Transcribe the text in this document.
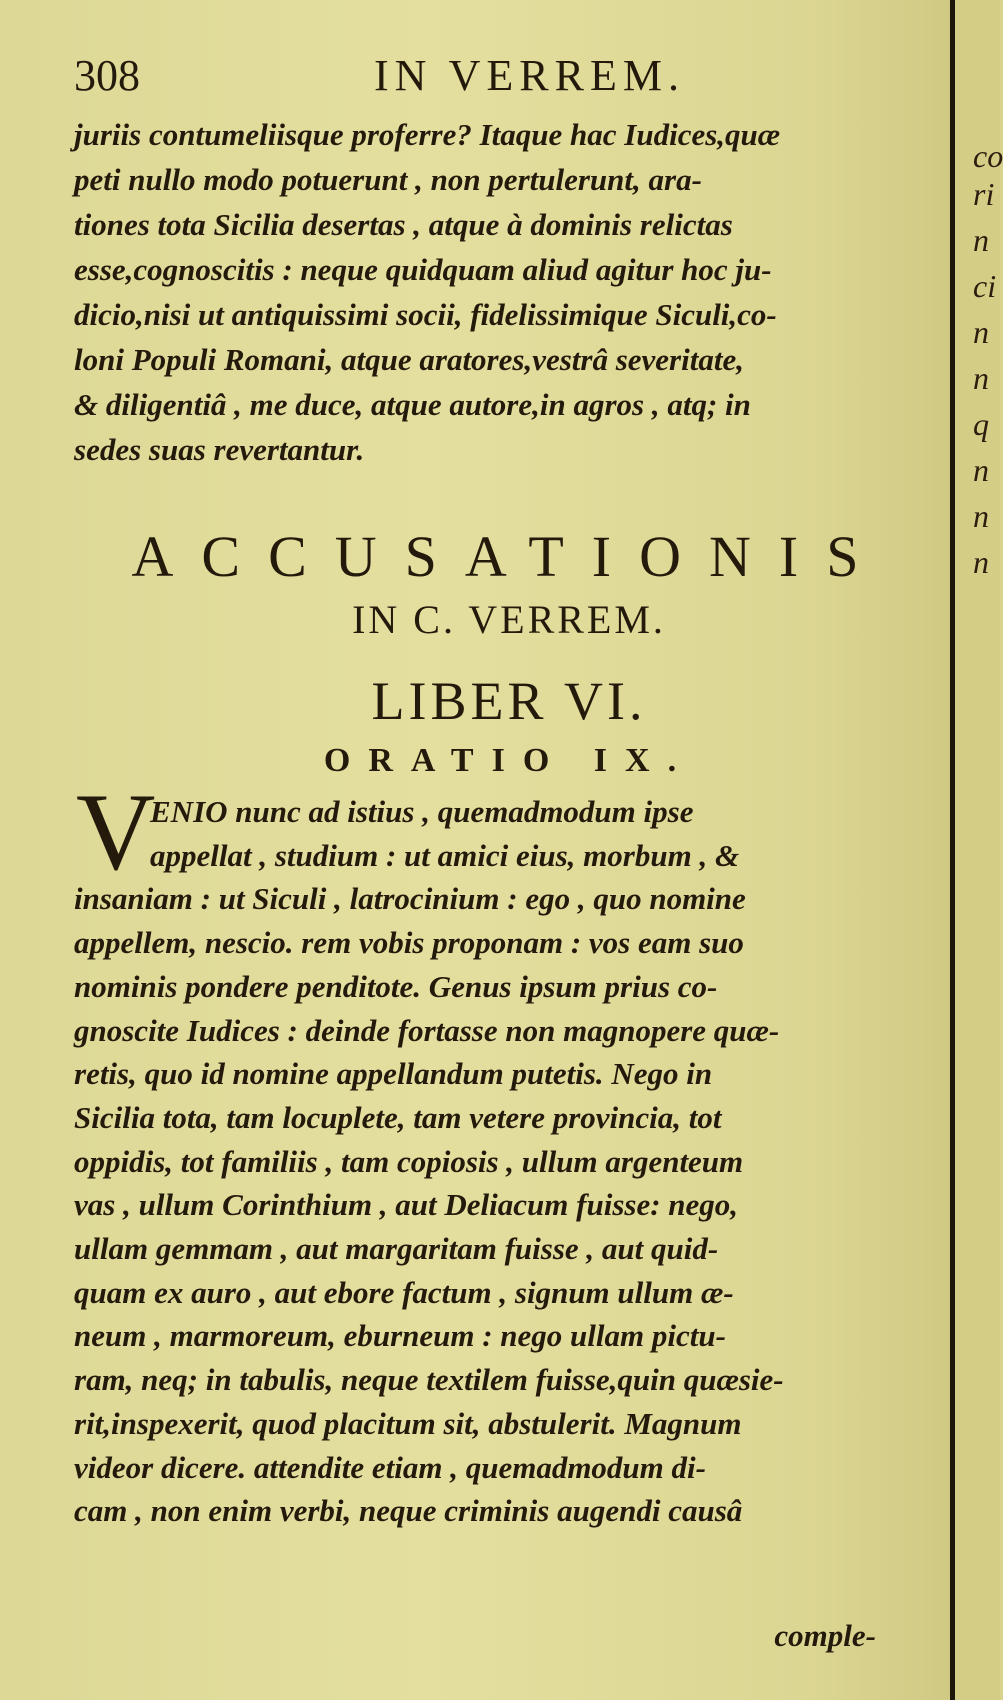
308	IN VERREM.
juriis contumeliisque proferre? Itaque hac Iudices,quæ
peti nullo modo potuerunt , non pertulerunt, ara-
tiones tota Sicilia desertas , atque à dominis relictas
esse,cognoscitis : neque quidquam aliud agitur hoc ju-
dicio,nisi ut antiquissimi socii, fidelissimique Siculi,co-
loni Populi Romani, atque aratores,vestrâ severitate,
& diligentiâ , me duce, atque autore,in agros , atq; in
sedes suas revertantur.
ACCUSATIONIS
IN C. VERREM.
LIBER VI.
ORATIO IX.
V
ENIO nunc ad istius , quemadmodum ipse
appellat , studium : ut amici eius, morbum , &
insaniam : ut Siculi , latrocinium : ego , quo nomine
appellem, nescio. rem vobis proponam : vos eam suo
nominis pondere penditote. Genus ipsum prius co-
gnoscite Iudices : deinde fortasse non magnopere quæ-
retis, quo id nomine appellandum putetis. Nego in
Sicilia tota, tam locuplete, tam vetere provincia, tot
oppidis, tot familiis , tam copiosis , ullum argenteum
vas , ullum Corinthium , aut Deliacum fuisse: nego,
ullam gemmam , aut margaritam fuisse , aut quid-
quam ex auro , aut ebore factum , signum ullum æ-
neum , marmoreum, eburneum : nego ullam pictu-
ram, neq; in tabulis, neque textilem fuisse,quin quæsie-
rit,inspexerit, quod placitum sit, abstulerit. Magnum
videor dicere. attendite etiam , quemadmodum di-
cam , non enim verbi, neque criminis augendi causâ
comple-
co
ri
n
ci
n
n
q
n
n
n
